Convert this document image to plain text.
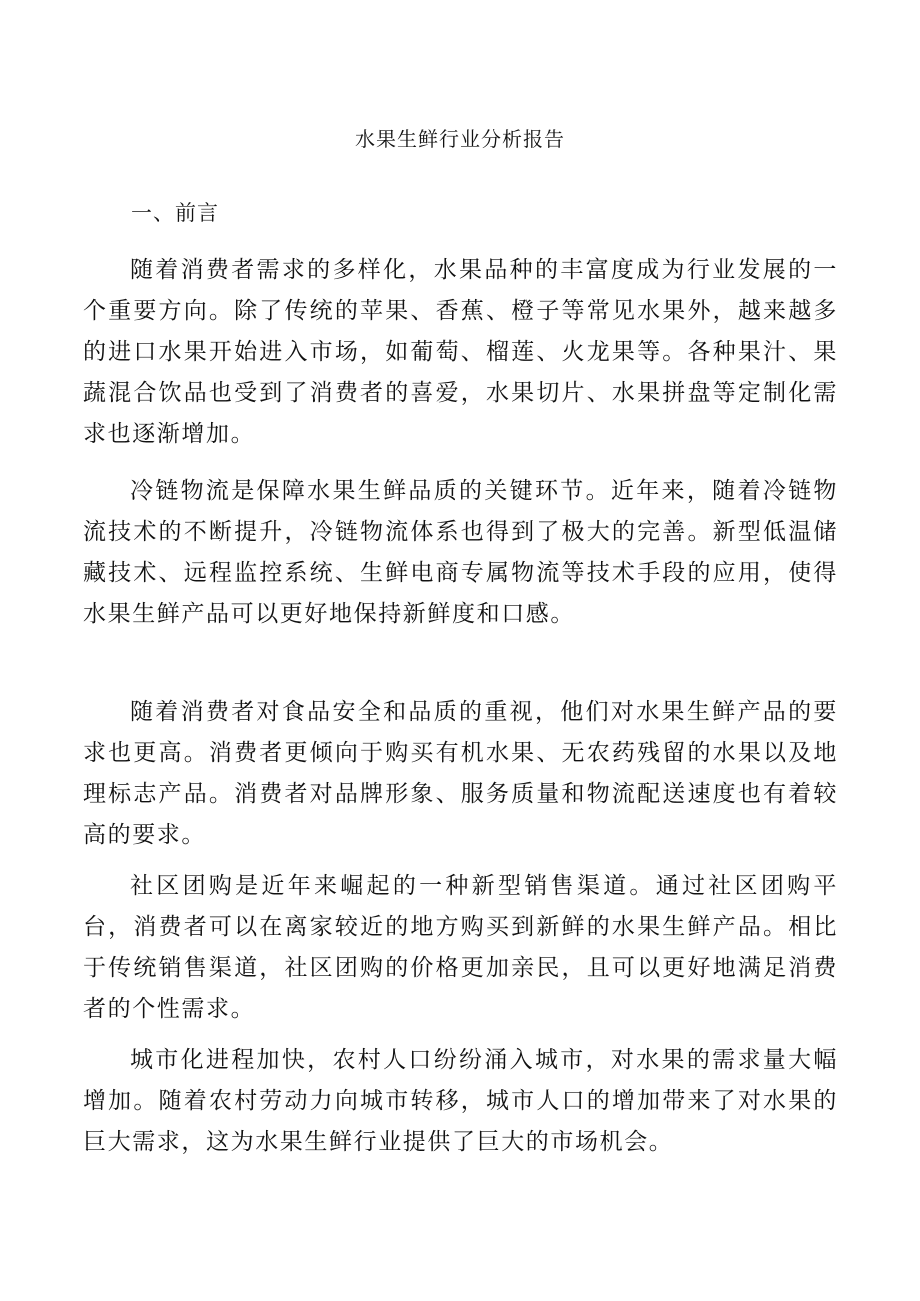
水果生鲜行业分析报告
一、前言

随着消费者需求的多样化，水果品种的丰富度成为行业发展的一个重要方向。除了传统的苹果、香蕉、橙子等常见水果外，越来越多的进口水果开始进入市场，如葡萄、榴莲、火龙果等。各种果汁、果蔬混合饮品也受到了消费者的喜爱，水果切片、水果拼盘等定制化需求也逐渐增加。

冷链物流是保障水果生鲜品质的关键环节。近年来，随着冷链物流技术的不断提升，冷链物流体系也得到了极大的完善。新型低温储藏技术、远程监控系统、生鲜电商专属物流等技术手段的应用，使得水果生鲜产品可以更好地保持新鲜度和口感。

随着消费者对食品安全和品质的重视，他们对水果生鲜产品的要求也更高。消费者更倾向于购买有机水果、无农药残留的水果以及地理标志产品。消费者对品牌形象、服务质量和物流配送速度也有着较高的要求。

社区团购是近年来崛起的一种新型销售渠道。通过社区团购平台，消费者可以在离家较近的地方购买到新鲜的水果生鲜产品。相比于传统销售渠道，社区团购的价格更加亲民，且可以更好地满足消费者的个性需求。

城市化进程加快，农村人口纷纷涌入城市，对水果的需求量大幅增加。随着农村劳动力向城市转移，城市人口的增加带来了对水果的巨大需求，这为水果生鲜行业提供了巨大的市场机会。
